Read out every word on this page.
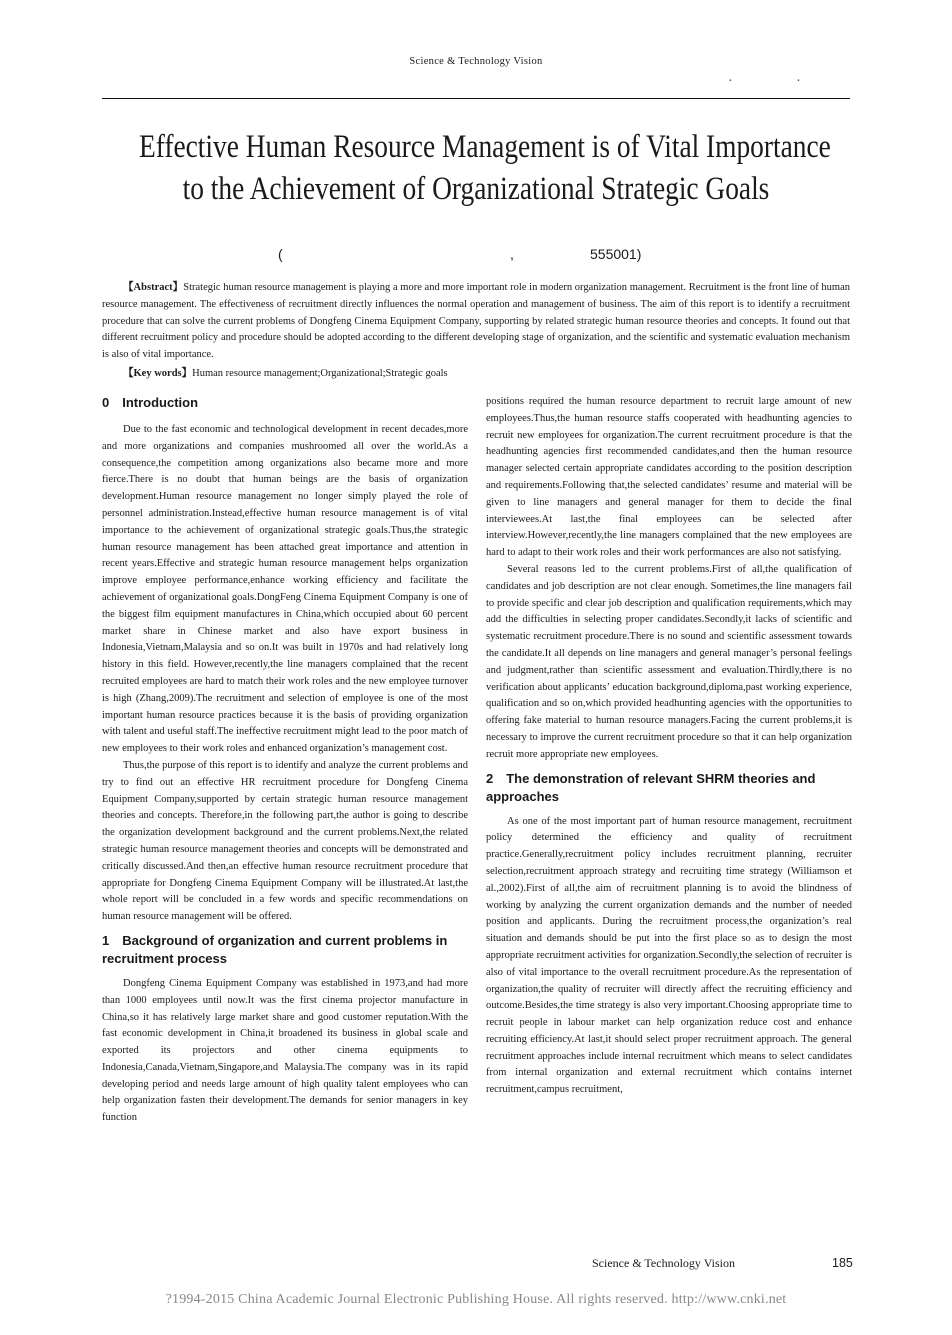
Science & Technology Vision
· ·
Effective Human Resource Management is of Vital Importance
to the Achievement of Organizational Strategic Goals
(	,	555001)

【Abstract】Strategic human resource management is playing a more and more important role in modern organization management. Recruitment is the front line of human resource management. The effectiveness of recruitment directly influences the normal operation and management of business. The aim of this report is to identify a recruitment procedure that can solve the current problems of Dongfeng Cinema Equipment Company, supporting by related strategic human resource theories and concepts. It found out that different recruitment policy and procedure should be adopted according to the different developing stage of organization, and the scientific and systematic evaluation mechanism is also of vital importance.

【Key words】Human resource management;Organizational;Strategic goals

0　Introduction

Due to the fast economic and technological development in recent decades,more and more organizations and companies mushroomed all over the world.As a consequence,the competition among organizations also became more and more fierce.There is no doubt that human beings are the basis of organization development.Human resource management no longer simply played the role of personnel administration.Instead,effective human resource management is of vital importance to the achievement of organizational strategic goals.Thus,the strategic human resource management has been attached great importance and attention in recent years.Effective and strategic human resource management helps organization improve employee performance,enhance working efficiency and facilitate the achievement of organizational goals.DongFeng Cinema Equipment Company is one of the biggest film equipment manufactures in China,which occupied about 60 percent market share in Chinese market and also have export business in Indonesia,Vietnam,Malaysia and so on.It was built in 1970s and had relatively long history in this field. However,recently,the line managers complained that the recent recruited employees are hard to match their work roles and the new employee turnover is high (Zhang,2009).The recruitment and selection of employee is one of the most important human resource practices because it is the basis of providing organization with talent and useful staff.The ineffective recruitment might lead to the poor match of new employees to their work roles and enhanced organization’s management cost.

Thus,the purpose of this report is to identify and analyze the current problems and try to find out an effective HR recruitment procedure for Dongfeng Cinema Equipment Company,supported by certain strategic human resource management theories and concepts. Therefore,in the following part,the author is going to describe the organization development background and the current problems.Next,the related strategic human resource management theories and concepts will be demonstrated and critically discussed.And then,an effective human resource recruitment procedure that appropriate for Dongfeng Cinema Equipment Company will be illustrated.At last,the whole report will be concluded in a few words and specific recommendations on human resource management will be offered.

1　Background of organization and current problems in recruitment process

Dongfeng Cinema Equipment Company was established in 1973,and had more than 1000 employees until now.It was the first cinema projector manufacture in China,so it has relatively large market share and good customer reputation.With the fast economic development in China,it broadened its business in global scale and exported its projectors and other cinema equipments to Indonesia,Canada,Vietnam,Singapore,and Malaysia.The company was in its rapid developing period and needs large amount of high quality talent employees who can help organization fasten their development.The demands for senior managers in key function

positions required the human resource department to recruit large amount of new employees.Thus,the human resource staffs cooperated with headhunting agencies to recruit new employees for organization.The current recruitment procedure is that the headhunting agencies first recommended candidates,and then the human resource manager selected certain appropriate candidates according to the position description and requirements.Following that,the selected candidates’ resume and material will be given to line managers and general manager for them to decide the final interviewees.At last,the final employees can be selected after interview.However,recently,the line managers complained that the new employees are hard to adapt to their work roles and their work performances are also not satisfying.

Several reasons led to the current problems.First of all,the qualification of candidates and job description are not clear enough. Sometimes,the line managers fail to provide specific and clear job description and qualification requirements,which may add the difficulties in selecting proper candidates.Secondly,it lacks of scientific and systematic recruitment procedure.There is no sound and scientific assessment towards the candidate.It all depends on line managers and general manager’s personal feelings and judgment,rather than scientific assessment and evaluation.Thirdly,there is no verification about applicants’ education background,diploma,past working experience, qualification and so on,which provided headhunting agencies with the opportunities to offering fake material to human resource managers.Facing the current problems,it is necessary to improve the current recruitment procedure so that it can help organization recruit more appropriate new employees.

2　The demonstration of relevant SHRM theories and approaches

As one of the most important part of human resource management, recruitment policy determined the efficiency and quality of recruitment practice.Generally,recruitment policy includes recruitment planning, recruiter selection,recruitment approach strategy and recruiting time strategy (Williamson et al.,2002).First of all,the aim of recruitment planning is to avoid the blindness of working by analyzing the current organization demands and the number of needed position and applicants. During the recruitment process,the organization’s real situation and demands should be put into the first place so as to design the most appropriate recruitment activities for organization.Secondly,the selection of recruiter is also of vital importance to the overall recruitment procedure.As the representation of organization,the quality of recruiter will directly affect the recruiting efficiency and outcome.Besides,the time strategy is also very important.Choosing appropriate time to recruit people in labour market can help organization reduce cost and enhance recruiting efficiency.At last,it should select proper recruitment approach. The general recruitment approaches include internal recruitment which means to select candidates from internal organization and external recruitment which contains internet recruitment,campus recruitment,

Science & Technology Vision	185
?1994-2015 China Academic Journal Electronic Publishing House. All rights reserved. http://www.cnki.net
